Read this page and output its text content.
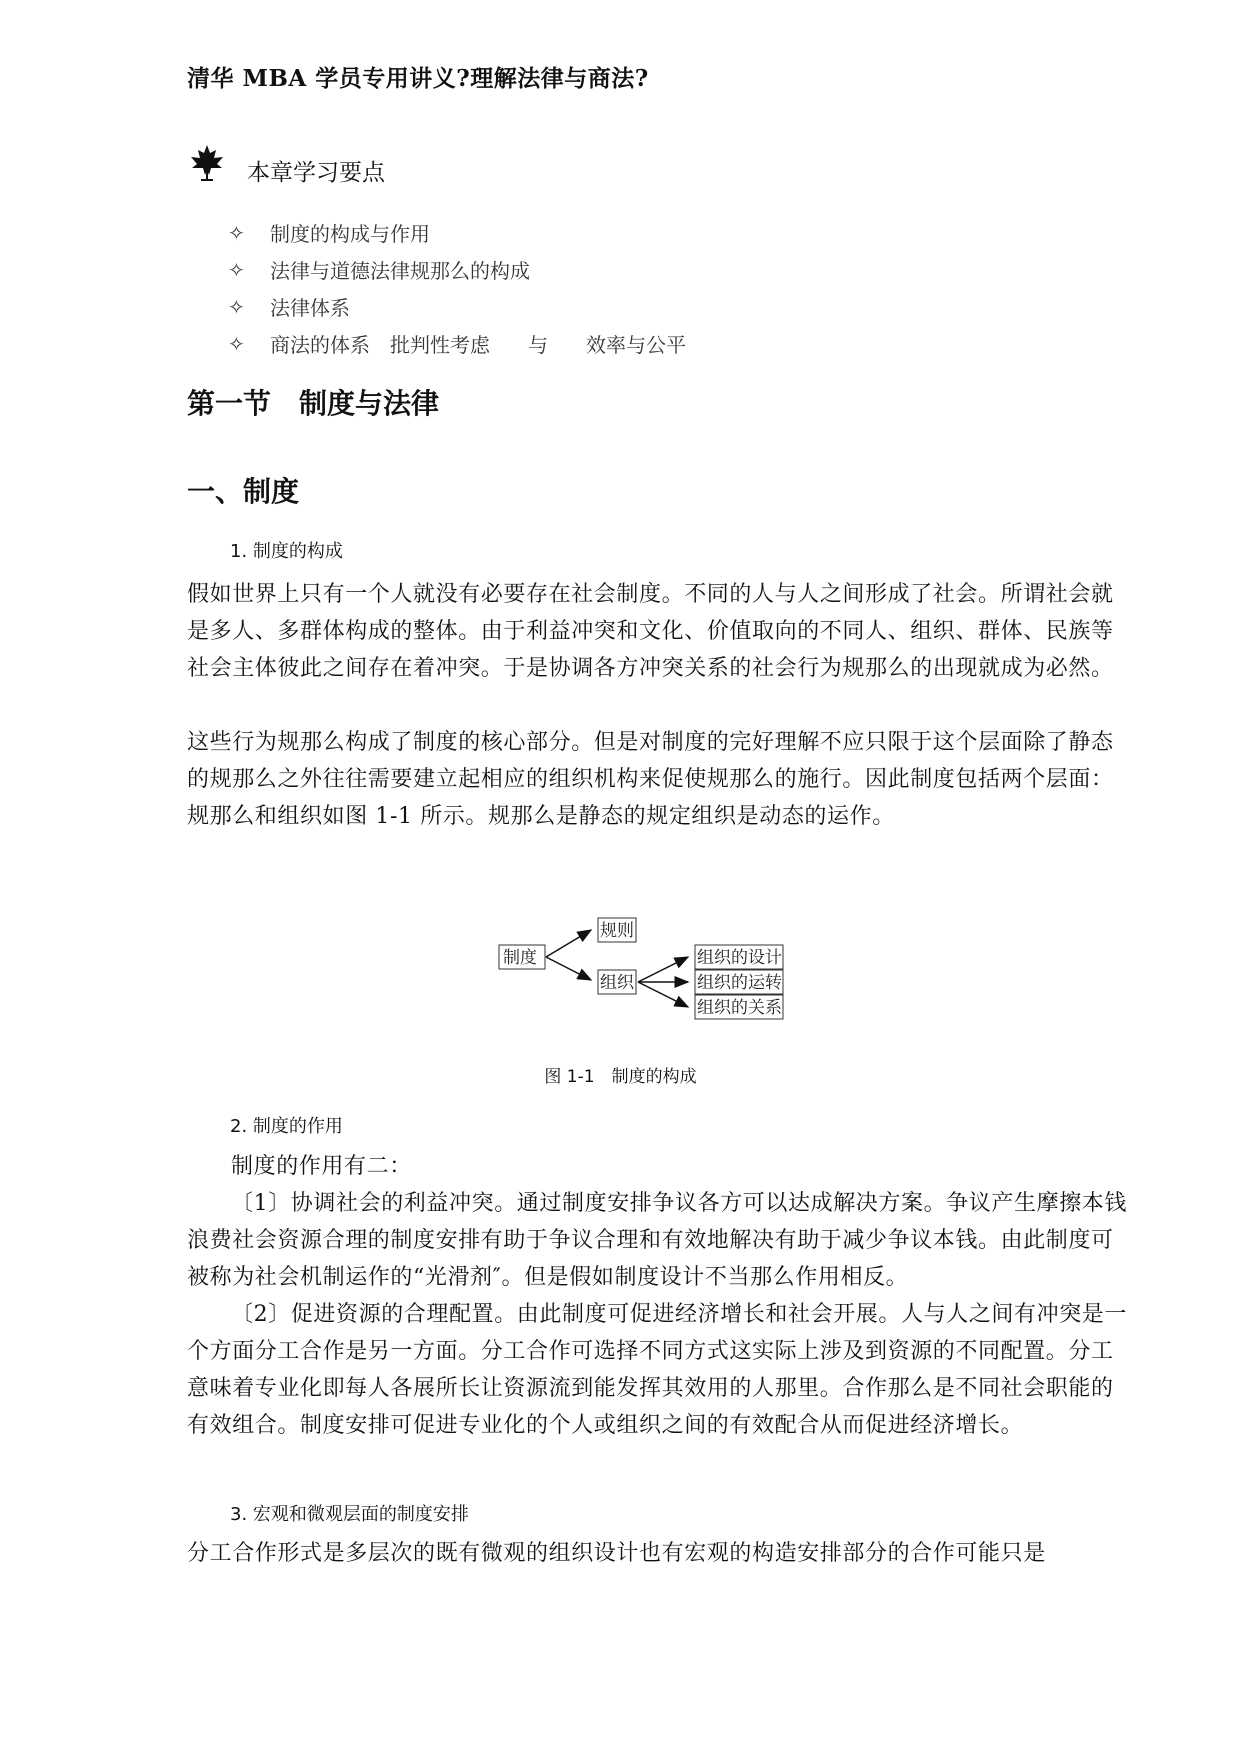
清华 MBA 学员专用讲义?理解法律与商法?
本章学习要点
✧	制度的构成与作用
✧	法律与道德法律规那么的构成
✧	法律体系
✧	商法的体系 批判性考虑 与 效率与公平
第一节　制度与法律
一、制度
1. 制度的构成
假如世界上只有一个人就没有必要存在社会制度。不同的人与人之间形成了社会。所谓社会就是多人、多群体构成的整体。由于利益冲突和文化、价值取向的不同人、组织、群体、民族等社会主体彼此之间存在着冲突。于是协调各方冲突关系的社会行为规那么的出现就成为必然。
这些行为规那么构成了制度的核心部分。但是对制度的完好理解不应只限于这个层面除了静态的规那么之外往往需要建立起相应的组织机构来促使规那么的施行。因此制度包括两个层面：规那么和组织如图 1-1 所示。规那么是静态的规定组织是动态的运作。
制度
规则
组织
组织的设计
组织的运转
组织的关系
图 1-1　制度的构成
2. 制度的作用
制度的作用有二：
〔1〕协调社会的利益冲突。通过制度安排争议各方可以达成解决方案。争议产生摩擦本钱浪费社会资源合理的制度安排有助于争议合理和有效地解决有助于减少争议本钱。由此制度可被称为社会机制运作的“光滑剂″。但是假如制度设计不当那么作用相反。
〔2〕促进资源的合理配置。由此制度可促进经济增长和社会开展。人与人之间有冲突是一个方面分工合作是另一方面。分工合作可选择不同方式这实际上涉及到资源的不同配置。分工意味着专业化即每人各展所长让资源流到能发挥其效用的人那里。合作那么是不同社会职能的有效组合。制度安排可促进专业化的个人或组织之间的有效配合从而促进经济增长。
3. 宏观和微观层面的制度安排
分工合作形式是多层次的既有微观的组织设计也有宏观的构造安排部分的合作可能只是
